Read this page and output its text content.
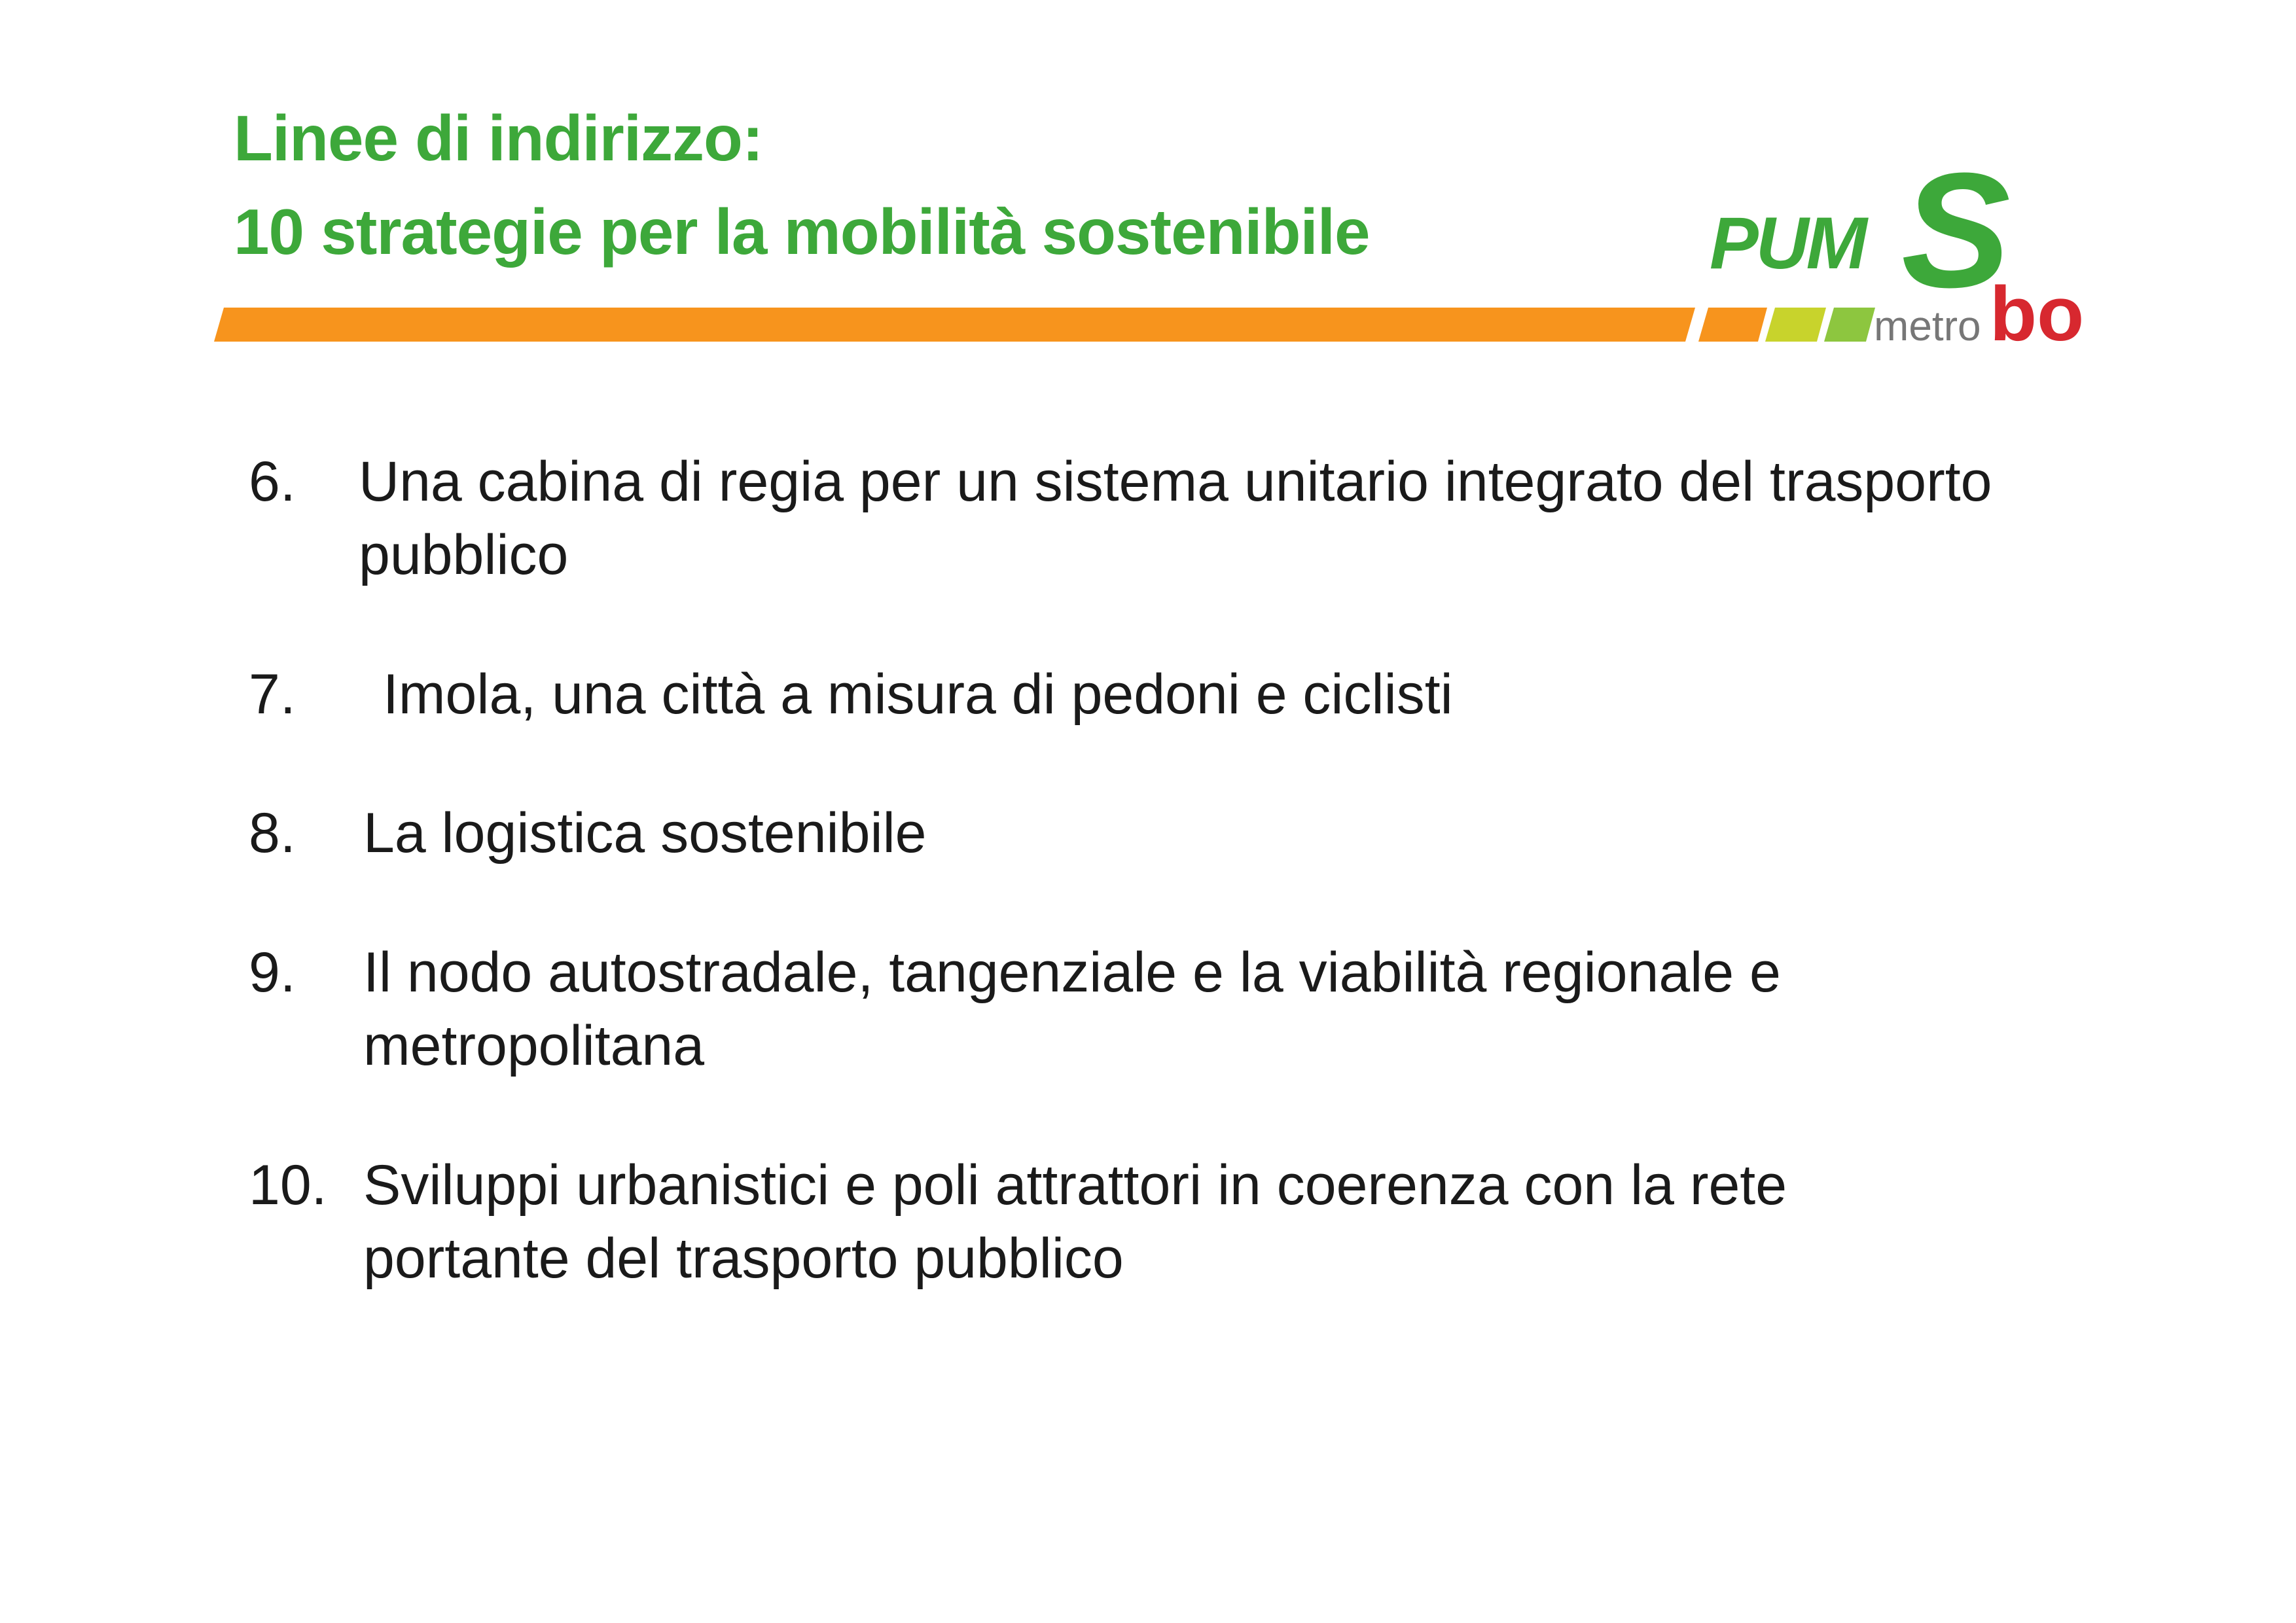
Linee di indirizzo:
10 strategie per la mobilità sostenibile	PUM S
metro bo
6. Una cabina di regia per un sistema unitario integrato del trasporto pubblico
7. Imola, una città a misura di pedoni e ciclisti
8. La logistica sostenibile
9. Il nodo autostradale, tangenziale e la viabilità regionale e metropolitana
10. Sviluppi urbanistici e poli attrattori in coerenza con la rete portante del trasporto pubblico
